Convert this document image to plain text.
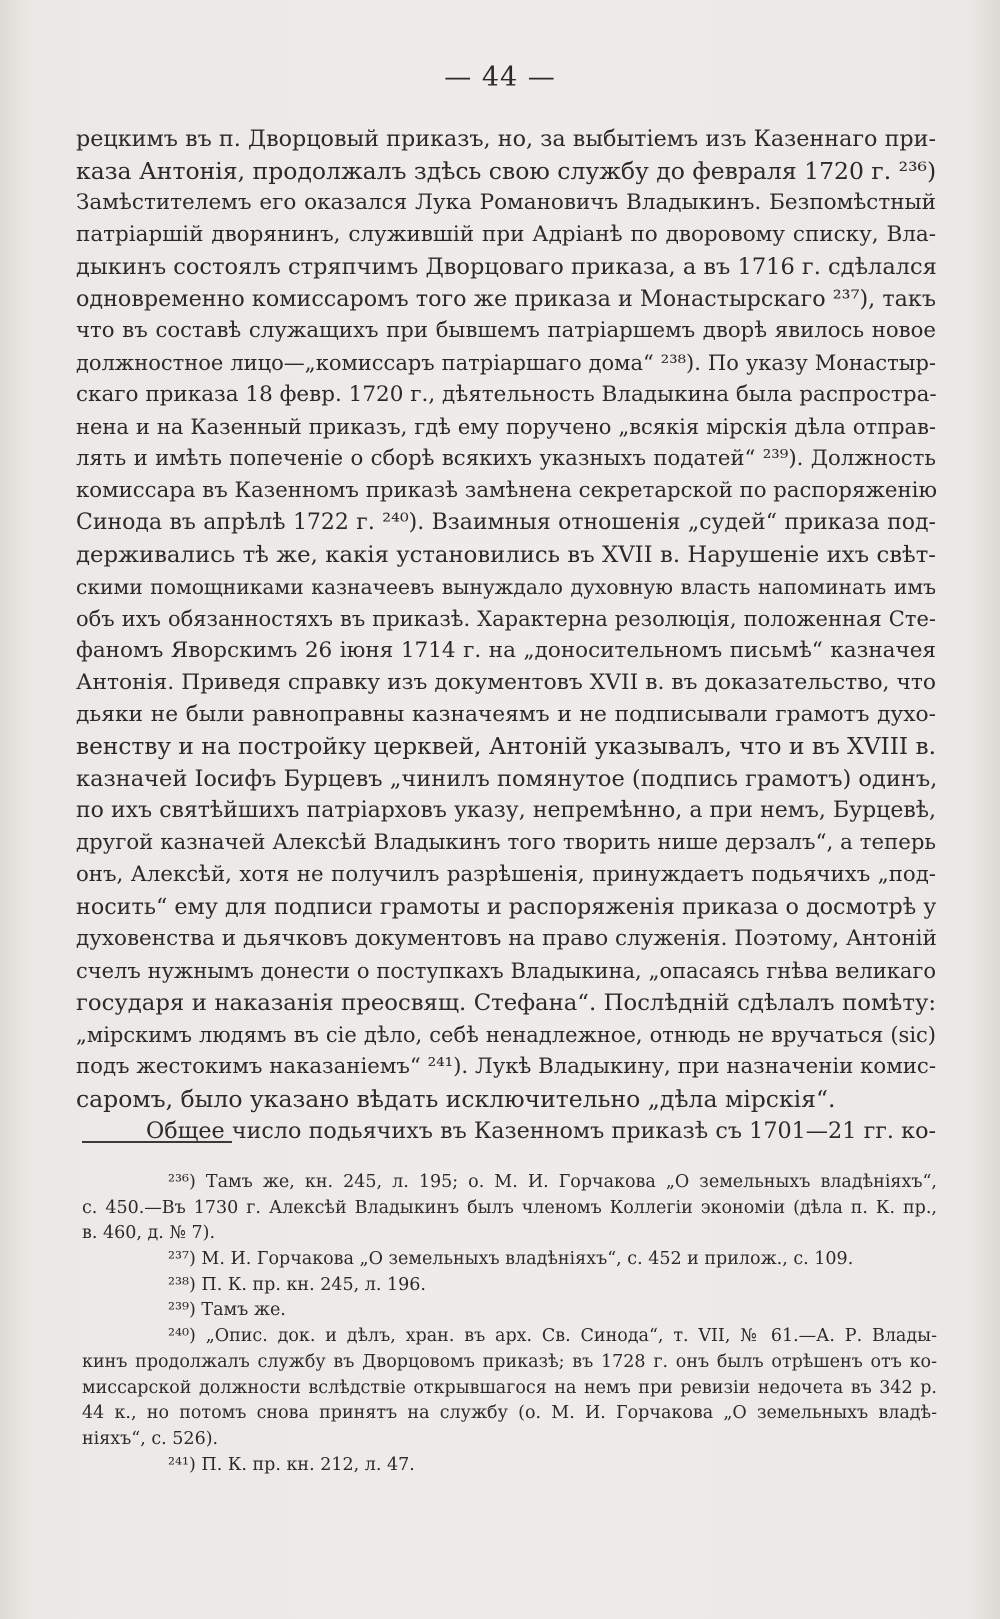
— 44 —
рецкимъ въ п. Дворцовый приказъ, но, за выбытіемъ изъ Казеннаго при-
каза Антонія, продолжалъ здѣсь свою службу до февраля 1720 г. ²³⁶)
Замѣстителемъ его оказался Лука Романовичъ Владыкинъ. Безпомѣстный
патріаршій дворянинъ, служившій при Адріанѣ по дворовому списку, Вла-
дыкинъ состоялъ стряпчимъ Дворцоваго приказа, а въ 1716 г. сдѣлался
одновременно комиссаромъ того же приказа и Монастырскаго ²³⁷), такъ
что въ составѣ служащихъ при бывшемъ патріаршемъ дворѣ явилось новое
должностное лицо—„комиссаръ патріаршаго дома“ ²³⁸). По указу Монастыр-
скаго приказа 18 февр. 1720 г., дѣятельность Владыкина была распростра-
нена и на Казенный приказъ, гдѣ ему поручено „всякія мірскія дѣла отправ-
лять и имѣть попеченіе о сборѣ всякихъ указныхъ податей“ ²³⁹). Должность
комиссара въ Казенномъ приказѣ замѣнена секретарской по распоряженію
Синода въ апрѣлѣ 1722 г. ²⁴⁰). Взаимныя отношенія „судей“ приказа под-
держивались тѣ же, какія установились въ XVII в. Нарушеніе ихъ свѣт-
скими помощниками казначеевъ вынуждало духовную власть напоминать имъ
объ ихъ обязанностяхъ въ приказѣ. Характерна резолюція, положенная Сте-
фаномъ Яворскимъ 26 іюня 1714 г. на „доносительномъ письмѣ“ казначея
Антонія. Приведя справку изъ документовъ XVII в. въ доказательство, что
дьяки не были равноправны казначеямъ и не подписывали грамотъ духо-
венству и на постройку церквей, Антоній указывалъ, что и въ XVIII в.
казначей Іосифъ Бурцевъ „чинилъ помянутое (подпись грамотъ) одинъ,
по ихъ святѣйшихъ патріарховъ указу, непремѣнно, а при немъ, Бурцевѣ,
другой казначей Алексѣй Владыкинъ того творить нише дерзалъ“, а теперь
онъ, Алексѣй, хотя не получилъ разрѣшенія, принуждаетъ подьячихъ „под-
носить“ ему для подписи грамоты и распоряженія приказа о досмотрѣ у
духовенства и дьячковъ документовъ на право служенія. Поэтому, Антоній
счелъ нужнымъ донести о поступкахъ Владыкина, „опасаясь гнѣва великаго
государя и наказанія преосвящ. Стефана“. Послѣдній сдѣлалъ помѣту:
„мірскимъ людямъ въ сіе дѣло, себѣ ненадлежное, отнюдь не вручаться (sic)
подъ жестокимъ наказаніемъ“ ²⁴¹). Лукѣ Владыкину, при назначеніи комис-
саромъ, было указано вѣдать исключительно „дѣла мірскія“.
Общее число подьячихъ въ Казенномъ приказѣ съ 1701—21 гг. ко-
²³⁶) Тамъ же, кн. 245, л. 195; о. М. И. Горчакова „О земельныхъ владѣніяхъ“,
с. 450.—Въ 1730 г. Алексѣй Владыкинъ былъ членомъ Коллегіи экономіи (дѣла п. К. пр.,
в. 460, д. № 7).
²³⁷) М. И. Горчакова „О земельныхъ владѣніяхъ“, с. 452 и прилож., с. 109.
²³⁸) П. К. пр. кн. 245, л. 196.
²³⁹) Тамъ же.
²⁴⁰) „Опис. док. и дѣлъ, хран. въ арх. Св. Синода“, т. VII, № 61.—А. Р. Влады-
кинъ продолжалъ службу въ Дворцовомъ приказѣ; въ 1728 г. онъ былъ отрѣшенъ отъ ко-
миссарской должности вслѣдствіе открывшагося на немъ при ревизіи недочета въ 342 р.
44 к., но потомъ снова принятъ на службу (о. М. И. Горчакова „О земельныхъ владѣ-
ніяхъ“, с. 526).
²⁴¹) П. К. пр. кн. 212, л. 47.
